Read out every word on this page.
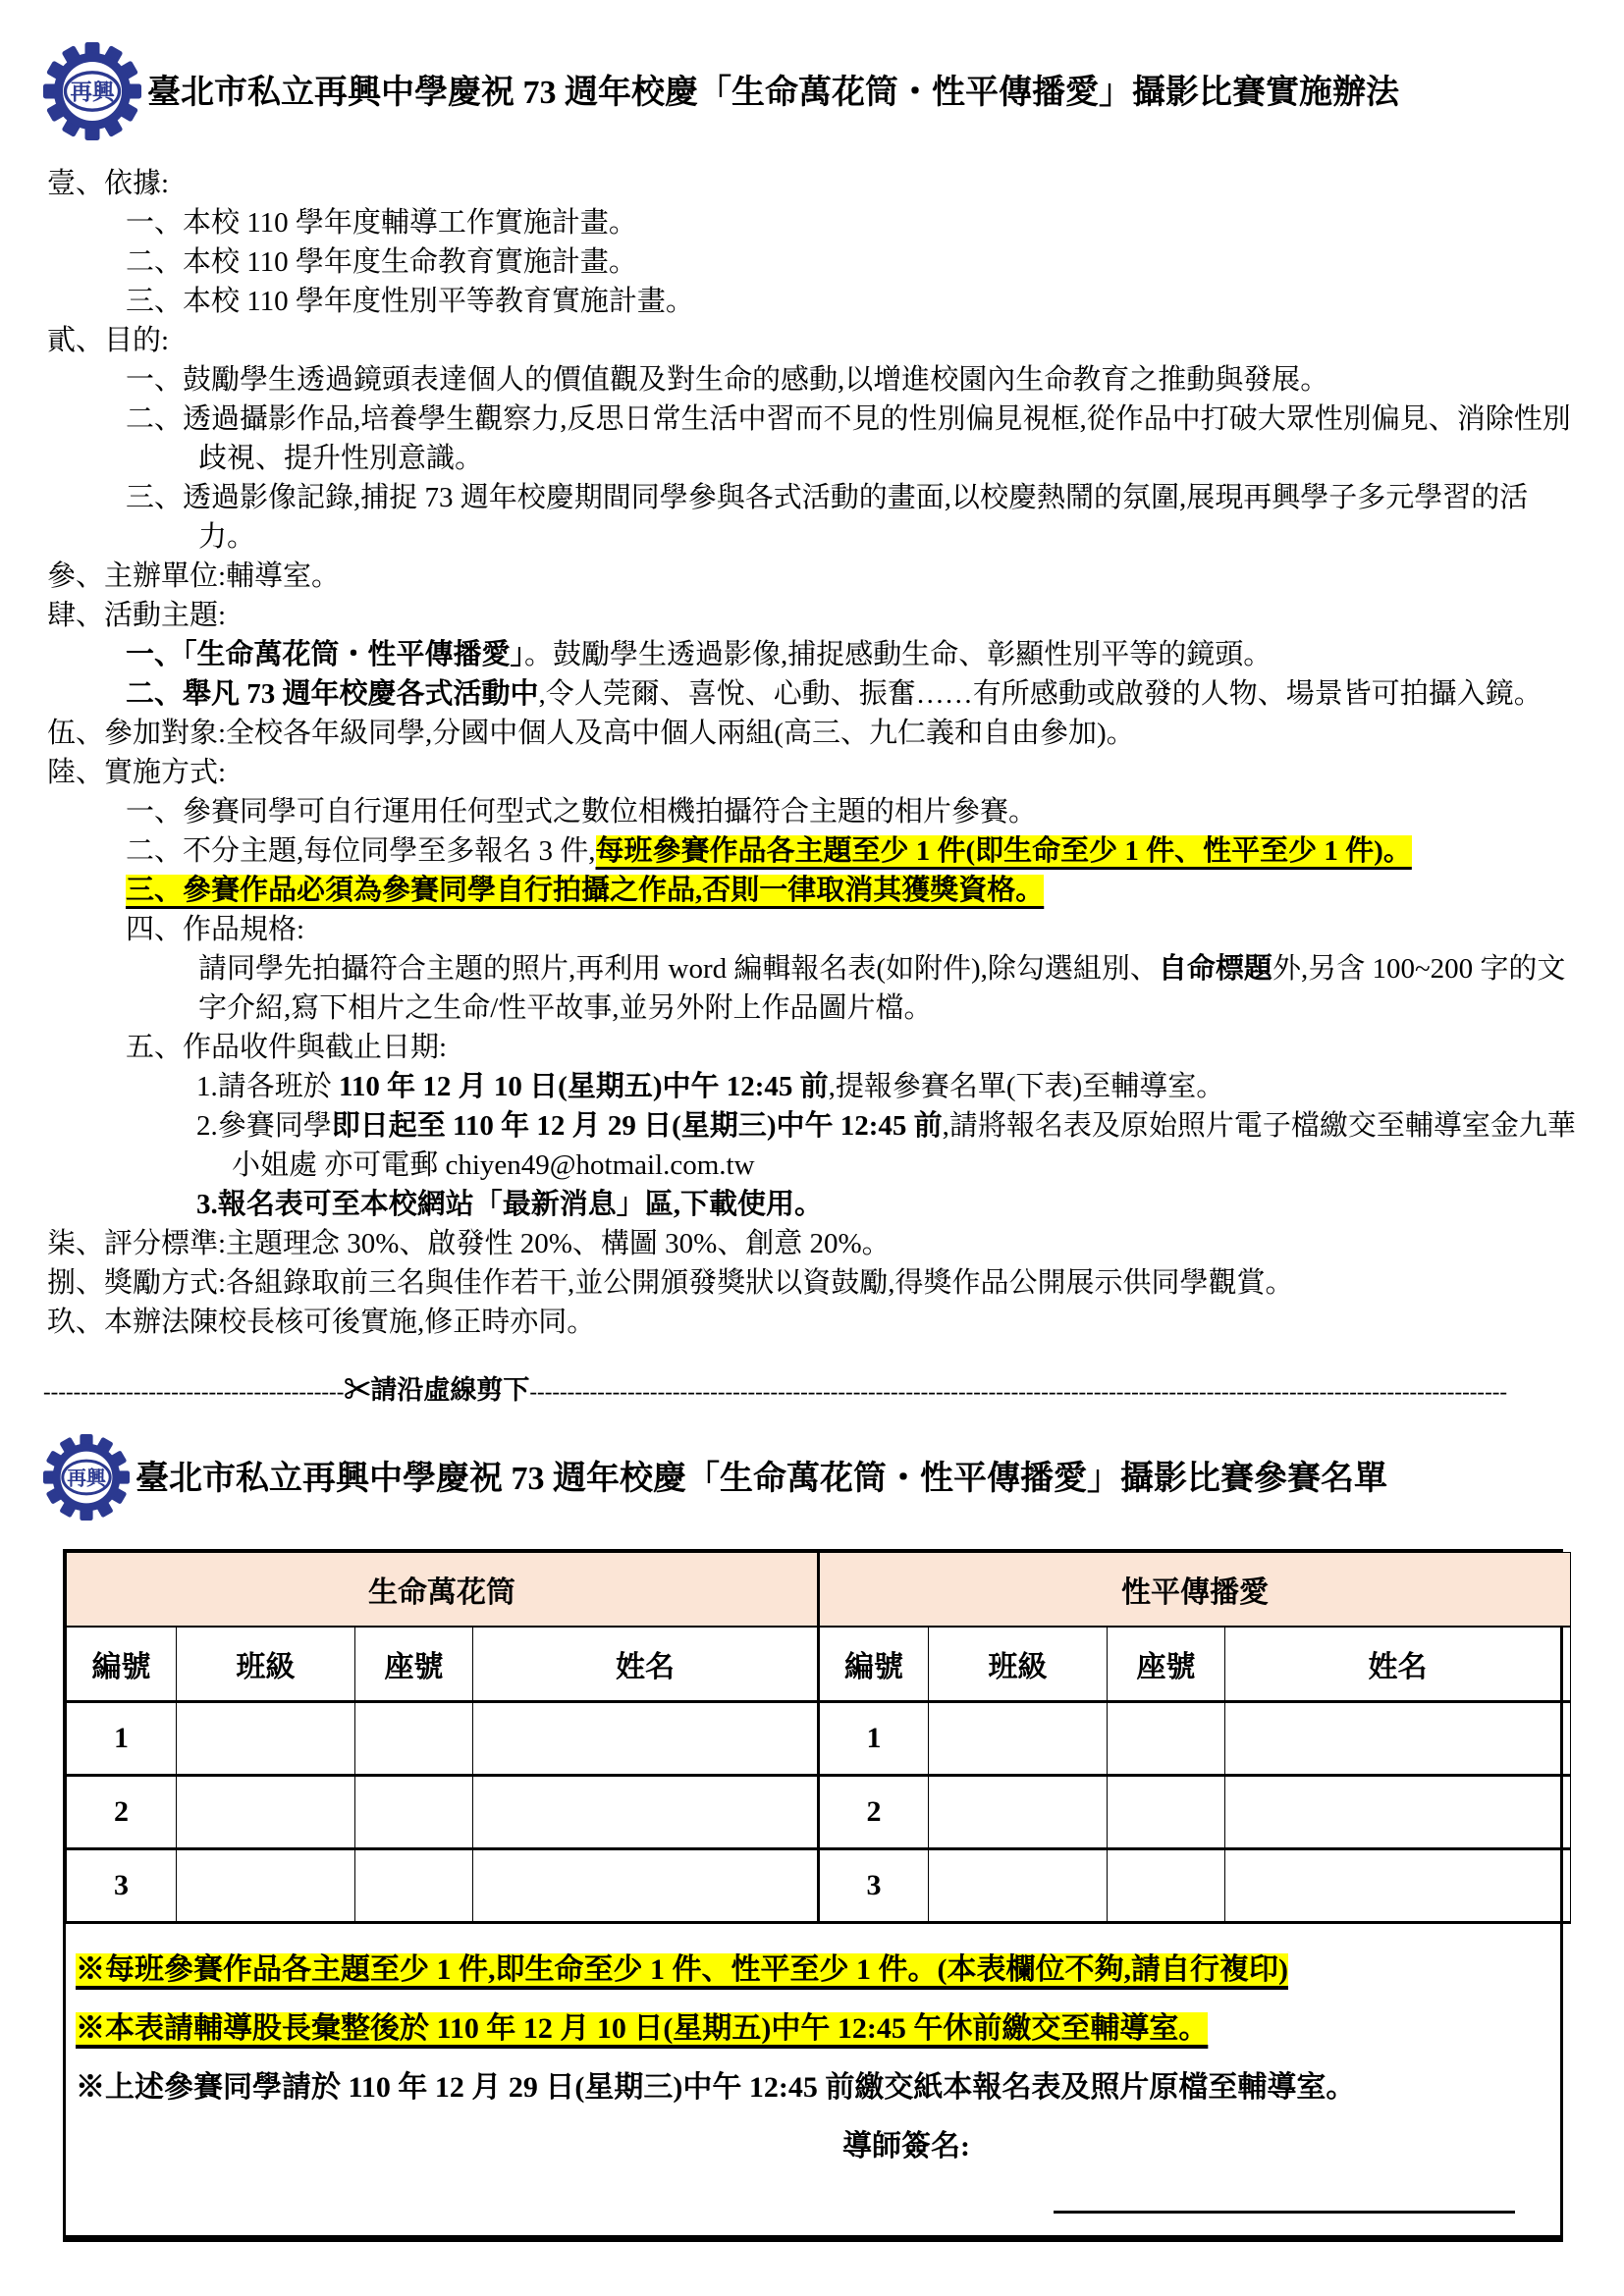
再興 臺北市私立再興中學慶祝 73 週年校慶「生命萬花筒・性平傳播愛」攝影比賽實施辦法

壹、依據:

一、本校 110 學年度輔導工作實施計畫。

二、本校 110 學年度生命教育實施計畫。

三、本校 110 學年度性別平等教育實施計畫。

貳、目的:

一、鼓勵學生透過鏡頭表達個人的價值觀及對生命的感動,以增進校園內生命教育之推動與發展。

二、透過攝影作品,培養學生觀察力,反思日常生活中習而不見的性別偏見視框,從作品中打破大眾性別偏見、消除性別歧視、提升性別意識。

三、透過影像記錄,捕捉 73 週年校慶期間同學參與各式活動的畫面,以校慶熱鬧的氛圍,展現再興學子多元學習的活力。

參、主辦單位:輔導室。

肆、活動主題:

一、「生命萬花筒・性平傳播愛」。鼓勵學生透過影像,捕捉感動生命、彰顯性別平等的鏡頭。

二、舉凡 73 週年校慶各式活動中,令人莞爾、喜悅、心動、振奮……有所感動或啟發的人物、場景皆可拍攝入鏡。

伍、參加對象:全校各年級同學,分國中個人及高中個人兩組(高三、九仁義和自由參加)。

陸、實施方式:

一、參賽同學可自行運用任何型式之數位相機拍攝符合主題的相片參賽。

二、不分主題,每位同學至多報名 3 件,每班參賽作品各主題至少 1 件(即生命至少 1 件、性平至少 1 件)。

三、參賽作品必須為參賽同學自行拍攝之作品,否則一律取消其獲獎資格。

四、作品規格:

請同學先拍攝符合主題的照片,再利用 word 編輯報名表(如附件),除勾選組別、自命標題外,另含 100~200 字的文字介紹,寫下相片之生命/性平故事,並另外附上作品圖片檔。

五、作品收件與截止日期:

1.請各班於 110 年 12 月 10 日(星期五)中午 12:45 前,提報參賽名單(下表)至輔導室。

2.參賽同學即日起至 110 年 12 月 29 日(星期三)中午 12:45 前,請將報名表及原始照片電子檔繳交至輔導室金九華小姐處 亦可電郵 chiyen49@hotmail.com.tw

3.報名表可至本校網站「最新消息」區,下載使用。

柒、評分標準:主題理念 30%、啟發性 20%、構圖 30%、創意 20%。

捌、獎勵方式:各組錄取前三名與佳作若干,並公開頒發獎狀以資鼓勵,得獎作品公開展示供同學觀賞。

玖、本辦法陳校長核可後實施,修正時亦同。

----------------------------------------✂請沿虛線剪下----------------------------------------------------------------------------------------------------------------------------------
再興 臺北市私立再興中學慶祝 73 週年校慶「生命萬花筒・性平傳播愛」攝影比賽參賽名單
生命萬花筒				性平傳播愛			
編號	班級	座號	姓名	編號	班級	座號	姓名
1				1			
2				2			
3				3			
※每班參賽作品各主題至少 1 件,即生命至少 1 件、性平至少 1 件。(本表欄位不夠,請自行複印)
※本表請輔導股長彙整後於 110 年 12 月 10 日(星期五)中午 12:45 午休前繳交至輔導室。
※上述參賽同學請於 110 年 12 月 29 日(星期三)中午 12:45 前繳交紙本報名表及照片原檔至輔導室。
導師簽名:
